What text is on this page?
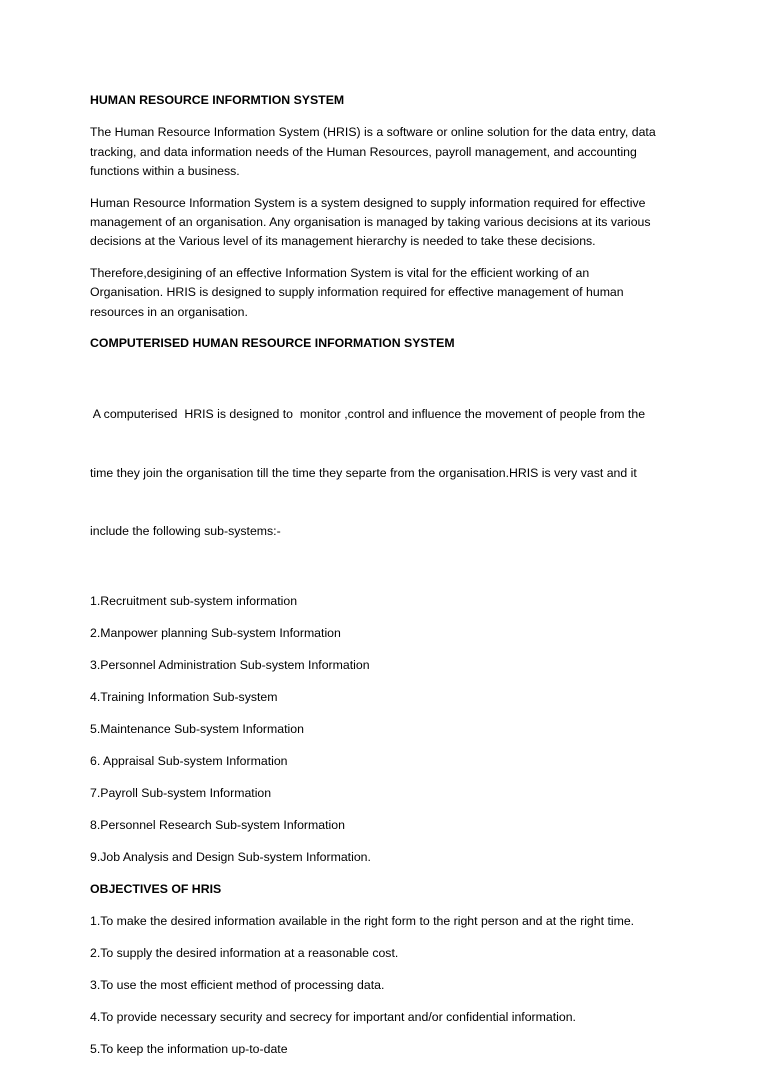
HUMAN RESOURCE INFORMTION SYSTEM
The Human Resource Information System (HRIS) is a software or online solution for the data entry, data
tracking, and data information needs of the Human Resources, payroll management, and accounting
functions within a business.
Human Resource Information System is a system designed to supply information required for effective
management of an organisation. Any organisation is managed by taking various decisions at its various
decisions at the Various level of its management hierarchy is needed to take these decisions.
Therefore,desigining of an effective Information System is vital for the efficient working of an
Organisation. HRIS is designed to supply information required for effective management of human
resources in an organisation.
COMPUTERISED HUMAN RESOURCE INFORMATION SYSTEM

A computerised  HRIS is designed to  monitor ,control and influence the movement of people from the

time they join the organisation till the time they separte from the organisation.HRIS is very vast and it

include the following sub-systems:-

1.Recruitment sub-system information
2.Manpower planning Sub-system Information
3.Personnel Administration Sub-system Information
4.Training Information Sub-system
5.Maintenance Sub-system Information
6. Appraisal Sub-system Information
7.Payroll Sub-system Information
8.Personnel Research Sub-system Information
9.Job Analysis and Design Sub-system Information.
OBJECTIVES OF HRIS
1.To make the desired information available in the right form to the right person and at the right time.
2.To supply the desired information at a reasonable cost.
3.To use the most efficient method of processing data.
4.To provide necessary security and secrecy for important and/or confidential information.
5.To keep the information up-to-date
